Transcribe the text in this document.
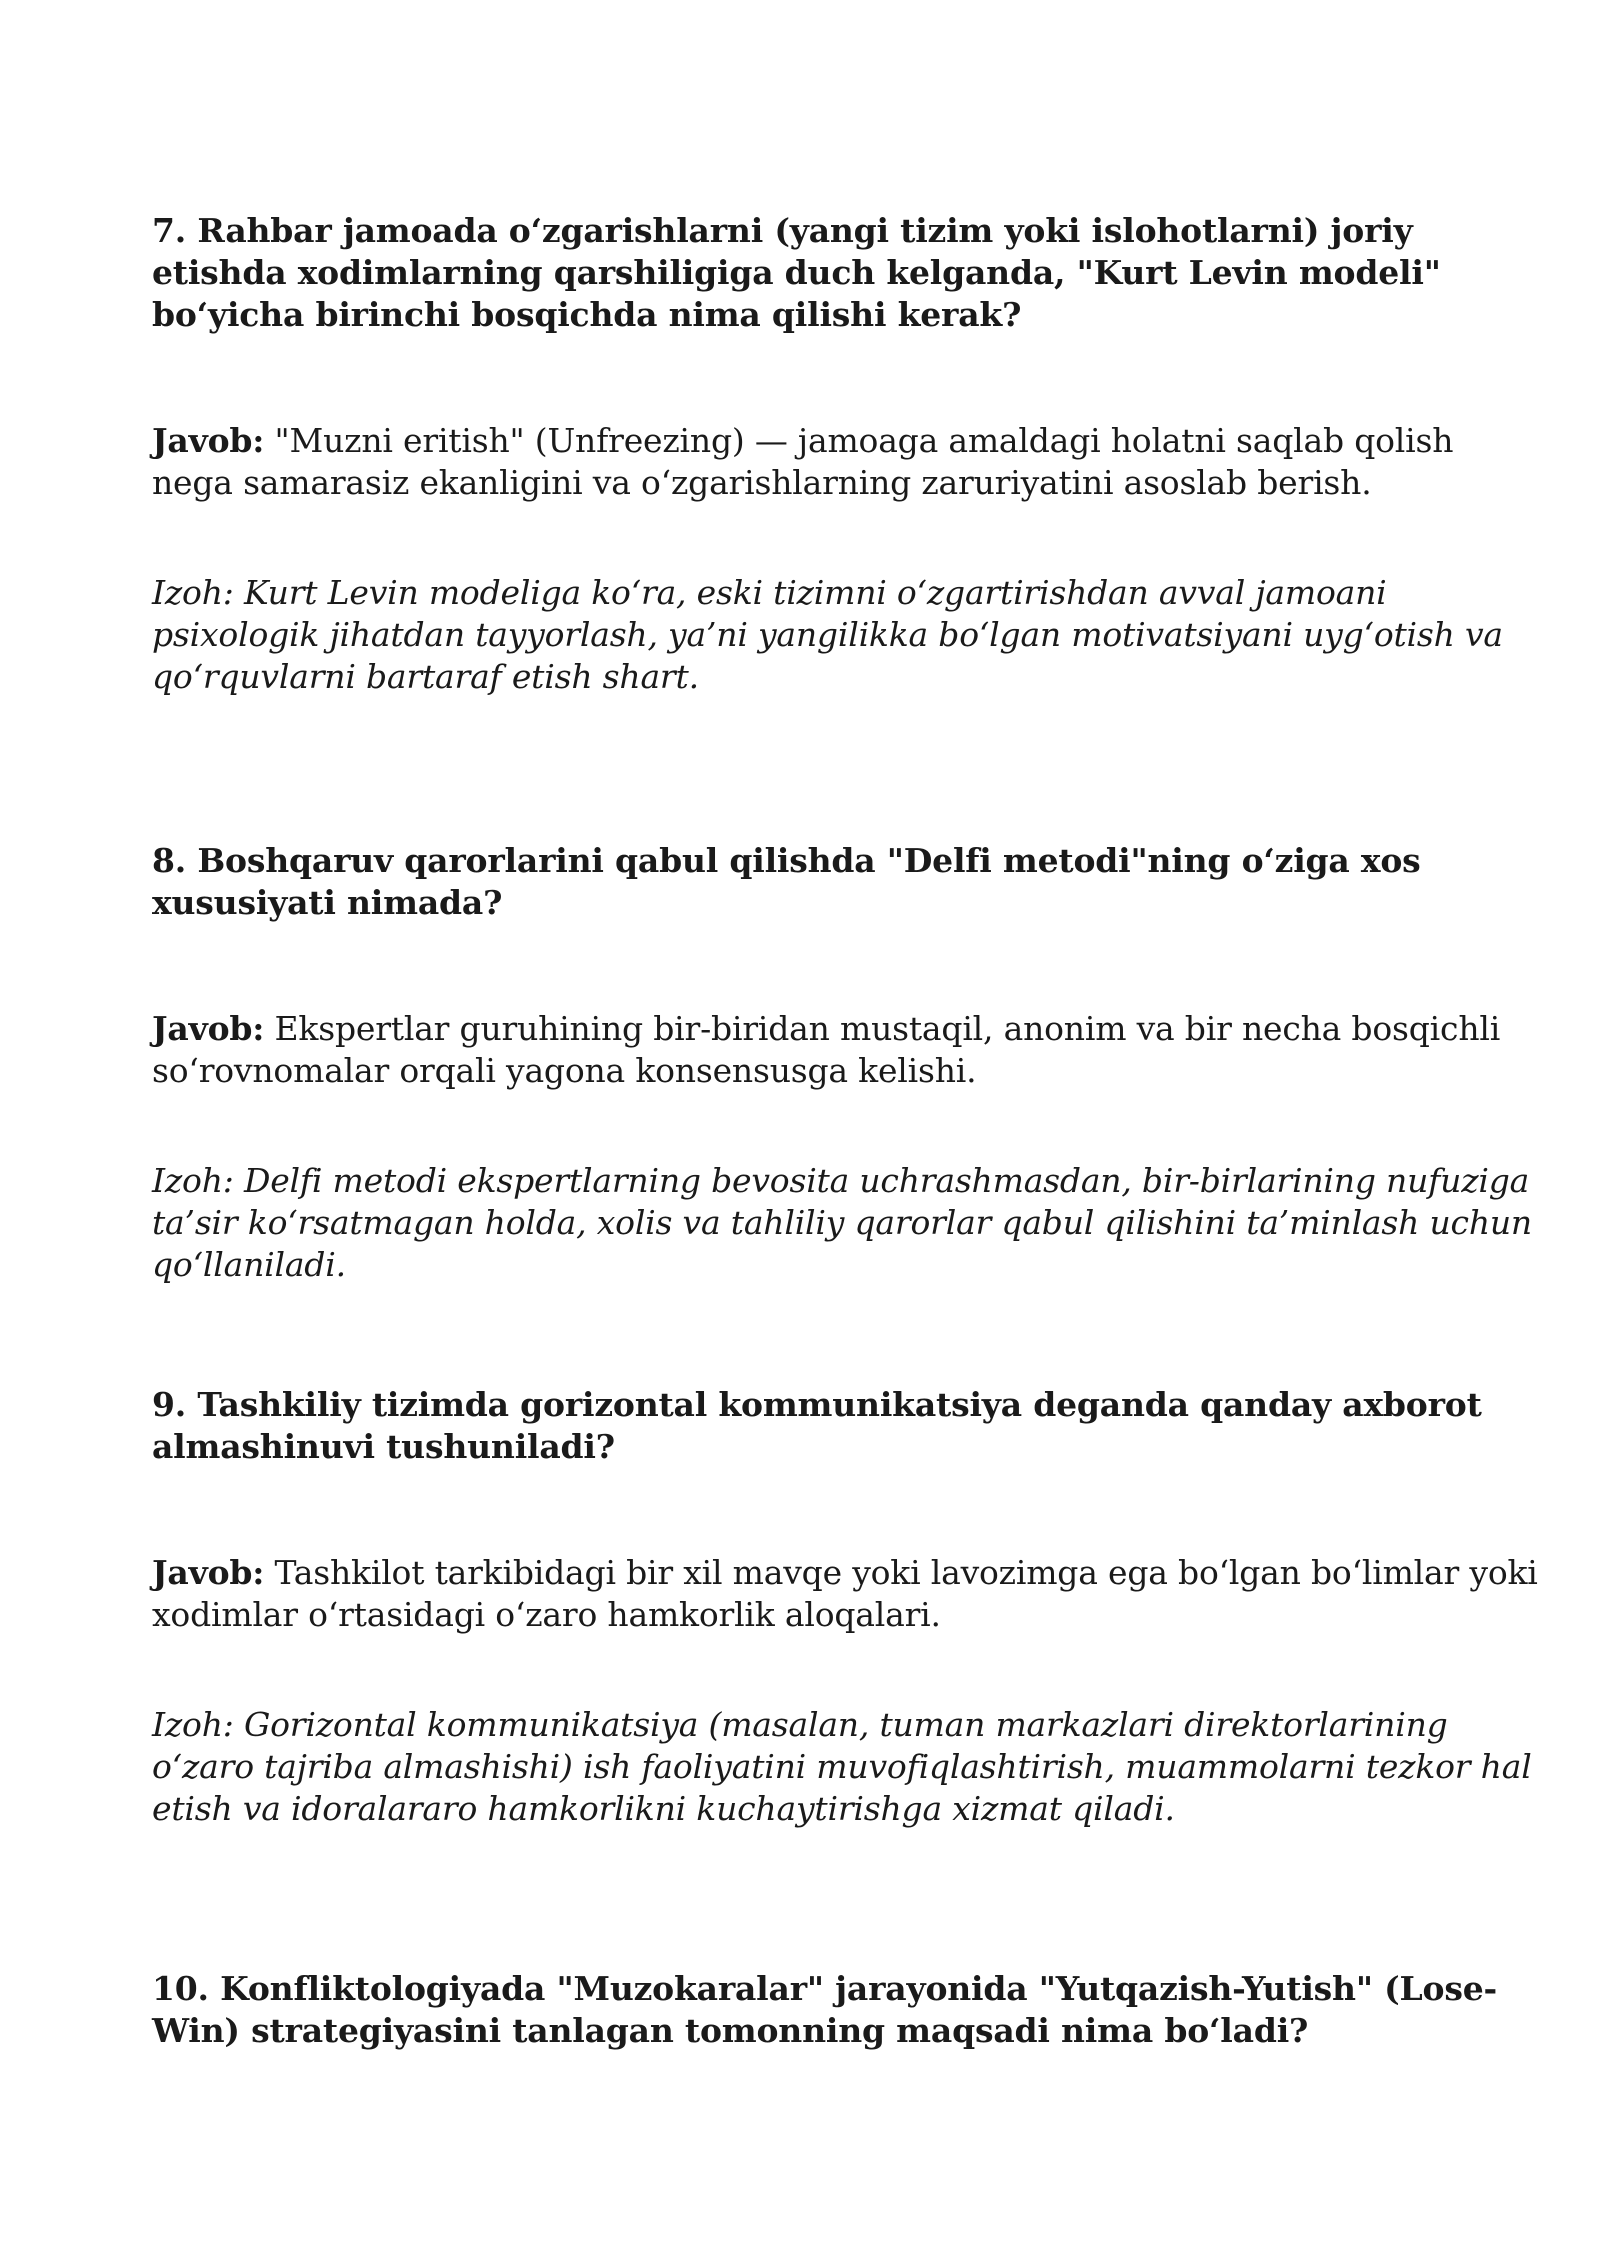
7. Rahbar jamoada o‘zgarishlarni (yangi tizim yoki islohotlarni) joriy etishda xodimlarning qarshiligiga duch kelganda, "Kurt Levin modeli" bo‘yicha birinchi bosqichda nima qilishi kerak?

Javob: "Muzni eritish" (Unfreezing) — jamoaga amaldagi holatni saqlab qolish nega samarasiz ekanligini va o‘zgarishlarning zaruriyatini asoslab berish.

Izoh: Kurt Levin modeliga ko‘ra, eski tizimni o‘zgartirishdan avval jamoani psixologik jihatdan tayyorlash, ya’ni yangilikka bo‘lgan motivatsiyani uyg‘otish va qo‘rquvlarni bartaraf etish shart.

8. Boshqaruv qarorlarini qabul qilishda "Delfi metodi"ning o‘ziga xos xususiyati nimada?

Javob: Ekspertlar guruhining bir-biridan mustaqil, anonim va bir necha bosqichli so‘rovnomalar orqali yagona konsensusga kelishi.

Izoh: Delfi metodi ekspertlarning bevosita uchrashmasdan, bir-birlarining nufuziga ta’sir ko‘rsatmagan holda, xolis va tahliliy qarorlar qabul qilishini ta’minlash uchun qo‘llaniladi.

9. Tashkiliy tizimda gorizontal kommunikatsiya deganda qanday axborot almashinuvi tushuniladi?

Javob: Tashkilot tarkibidagi bir xil mavqe yoki lavozimga ega bo‘lgan bo‘limlar yoki xodimlar o‘rtasidagi o‘zaro hamkorlik aloqalari.

Izoh: Gorizontal kommunikatsiya (masalan, tuman markazlari direktorlarining o‘zaro tajriba almashishi) ish faoliyatini muvofiqlashtirish, muammolarni tezkor hal etish va idoralararo hamkorlikni kuchaytirishga xizmat qiladi.

10. Konfliktologiyada "Muzokaralar" jarayonida "Yutqazish-Yutish" (Lose-Win) strategiyasini tanlagan tomonning maqsadi nima bo‘ladi?
